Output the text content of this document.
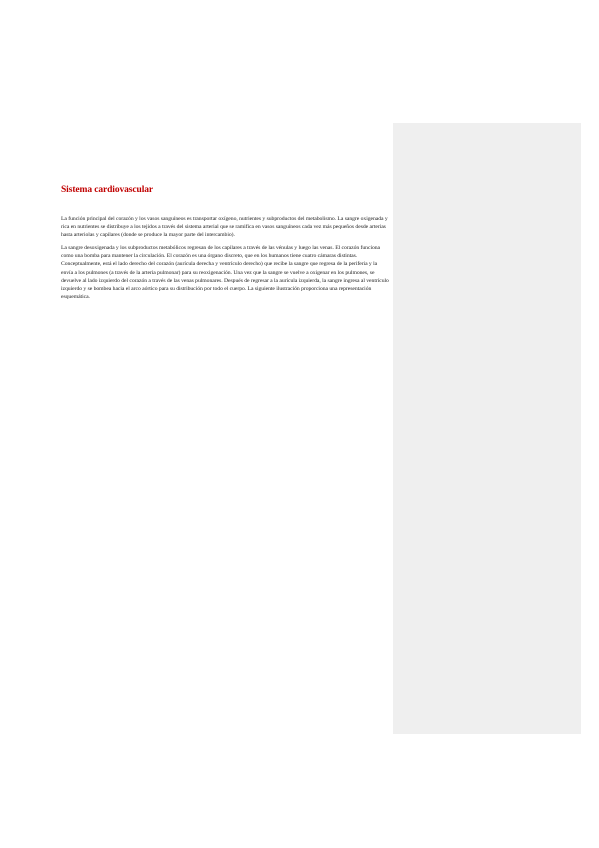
Sistema cardiovascular

La función principal del corazón y los vasos sanguíneos es transportar oxígeno, nutrientes y subproductos del metabolismo. La sangre oxigenada y rica en nutrientes se distribuye a los tejidos a través del sistema arterial que se ramifica en vasos sanguíneos cada vez más pequeños desde arterias hasta arteriolas y capilares (donde se produce la mayor parte del intercambio).

La sangre desoxigenada y los subproductos metabólicos regresan de los capilares a través de las vénulas y luego las venas. El corazón funciona como una bomba para mantener la circulación. El corazón es una órgano discreto, que en los humanos tiene cuatro cámaras distintas. Conceptualmente, está el lado derecho del corazón (aurícula derecha y ventrículo derecho) que recibe la sangre que regresa de la periferia y la envía a los pulmones (a través de la arteria pulmonar) para su reoxigenación. Una vez que la sangre se vuelve a oxigenar en los pulmones, se devuelve al lado izquierdo del corazón a través de las venas pulmonares. Después de regresar a la aurícula izquierda, la sangre ingresa al ventrículo izquierdo y se bombea hacia el arco aórtico para su distribución por todo el cuerpo. La siguiente ilustración proporciona una representación esquemática.
